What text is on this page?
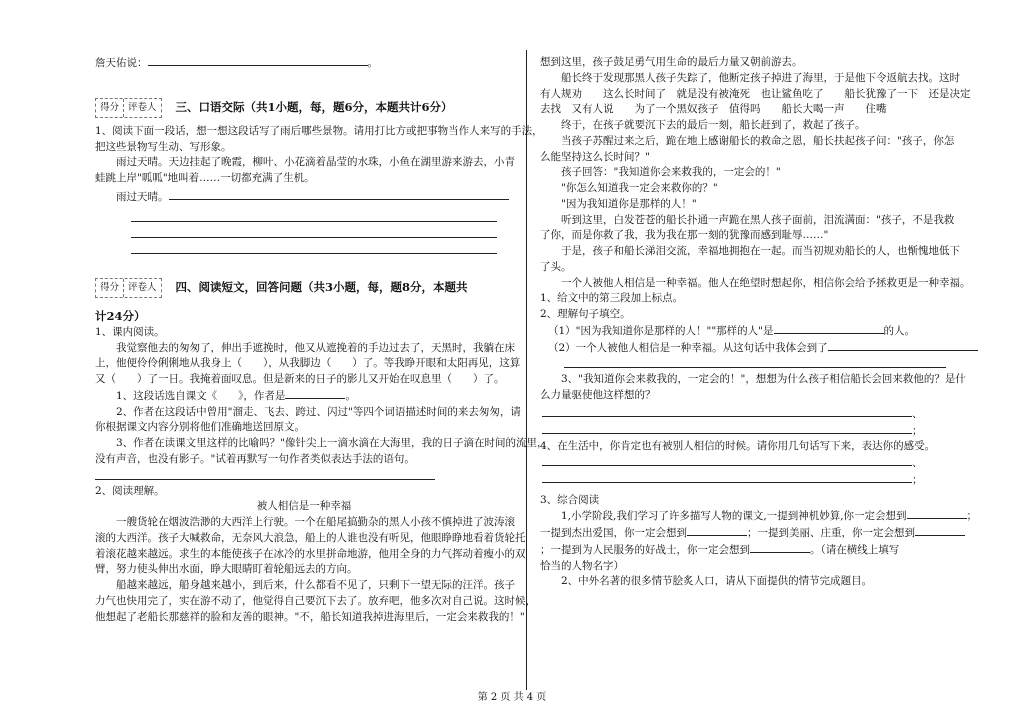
詹天佑说：	。

得分 评卷人	三、口语交际（共1小题，每，题6分，本题共计6分）

1、阅读下面一段话，想一想这段话写了雨后哪些景物。请用打比方或把事物当作人来写的手法，

把这些景物写生动、写形象。

雨过天晴。天边挂起了晚霞，柳叶、小花滴着晶莹的水珠，小鱼在湖里游来游去，小青

蛙跳上岸"呱呱"地叫着……一切都充满了生机。

雨过天晴。

得分 评卷人	四、阅读短文，回答问题（共3小题，每，题8分，本题共

计24分）

1、课内阅读。

我觉察他去的匆匆了，伸出手遮挽时，他又从遮挽着的手边过去了，天黑时，我躺在床

上，他便伶伶俐俐地从我身上（　　），从我脚边（　　）了。等我睁开眼和太阳再见，这算

又（　　）了一日。我掩着面叹息。但是新来的日子的影儿又开始在叹息里（　　）了。

1、这段话选自课文《　　》，作者是	。

2、作者在这段话中曾用"溜走、飞去、跨过、闪过"等四个词语描述时间的来去匆匆，请

你根据课文内容分别将他们准确地送回原文。

3、作者在读课文里这样的比喻吗？"像针尖上一滴水滴在大海里，我的日子滴在时间的流里，

没有声音，也没有影子。"试着再默写一句作者类似表达手法的语句。

2、阅读理解。

被人相信是一种幸福

一艘货轮在烟波浩渺的大西洋上行驶。一个在船尾搞勤杂的黑人小孩不慎掉进了波涛滚

滚的大西洋。孩子大喊救命，无奈风大浪急，船上的人谁也没有听见，他眼睁睁地看着货轮托

着滚花越来越远。求生的本能使孩子在冰冷的水里拼命地游，他用全身的力气挥动着瘦小的双

臂，努力使头伸出水面，睁大眼睛盯着轮船远去的方向。

船越来越远，船身越来越小，到后来，什么都看不见了，只剩下一望无际的汪洋。孩子

力气也快用完了，实在游不动了，他觉得自己要沉下去了。放弃吧，他多次对自己说。这时候，

他想起了老船长那慈祥的脸和友善的眼神。"不，船长知道我掉进海里后，一定会来救我的！"

想到这里，孩子鼓足勇气用生命的最后力量又朝前游去。

船长终于发现那黑人孩子失踪了，他断定孩子掉进了海里，于是他下令返航去找。这时

有人规劝　　这么长时间了　就是没有被淹死　也让鲨鱼吃了　　船长犹豫了一下　还是决定

去找　又有人说　　为了一个黑奴孩子　值得吗　　船长大喝一声　　住嘴

终于，在孩子就要沉下去的最后一刻，船长赶到了，救起了孩子。

当孩子苏醒过来之后，跪在地上感谢船长的救命之恩，船长扶起孩子问："孩子，你怎

么能坚持这么长时间？"

孩子回答："我知道你会来救我的，一定会的！"

"你怎么知道我一定会来救你的？"

"因为我知道你是那样的人！"

听到这里，白发苍苍的船长扑通一声跪在黑人孩子面前，泪流满面："孩子，不是我救

了你，而是你救了我，我为我在那一刻的犹豫而感到耻辱……"

于是，孩子和船长涕泪交流，幸福地拥抱在一起。而当初规劝船长的人，也惭愧地低下

了头。

一个人被他人相信是一种幸福。他人在绝望时想起你，相信你会给予拯救更是一种幸福。

1、给文中的第三段加上标点。

2、理解句子填空。

（1）"因为我知道你是那样的人！""那样的人"是	的人。

（2）一个人被他人相信是一种幸福。从这句话中我体会到了

3、"我知道你会来救我的，一定会的！"，想想为什么孩子相信船长会回来救他的？是什

么力量驱使他这样想的？

、

；

4、在生活中，你肯定也有被别人相信的时候。请你用几句话写下来，表达你的感受。

、

；

3、综合阅读

1,小学阶段,我们学习了许多描写人物的课文,一提到神机妙算,你一定会想到	；

一提到杰出爱国，你一定会想到	；一提到美丽、庄重，你一定会想到

；一提到为人民服务的好战士，你一定会想到	。（请在横线上填写

恰当的人物名字）

2、中外名著的很多情节脍炙人口，请从下面提供的情节完成题目。

第 2 页 共 4 页
